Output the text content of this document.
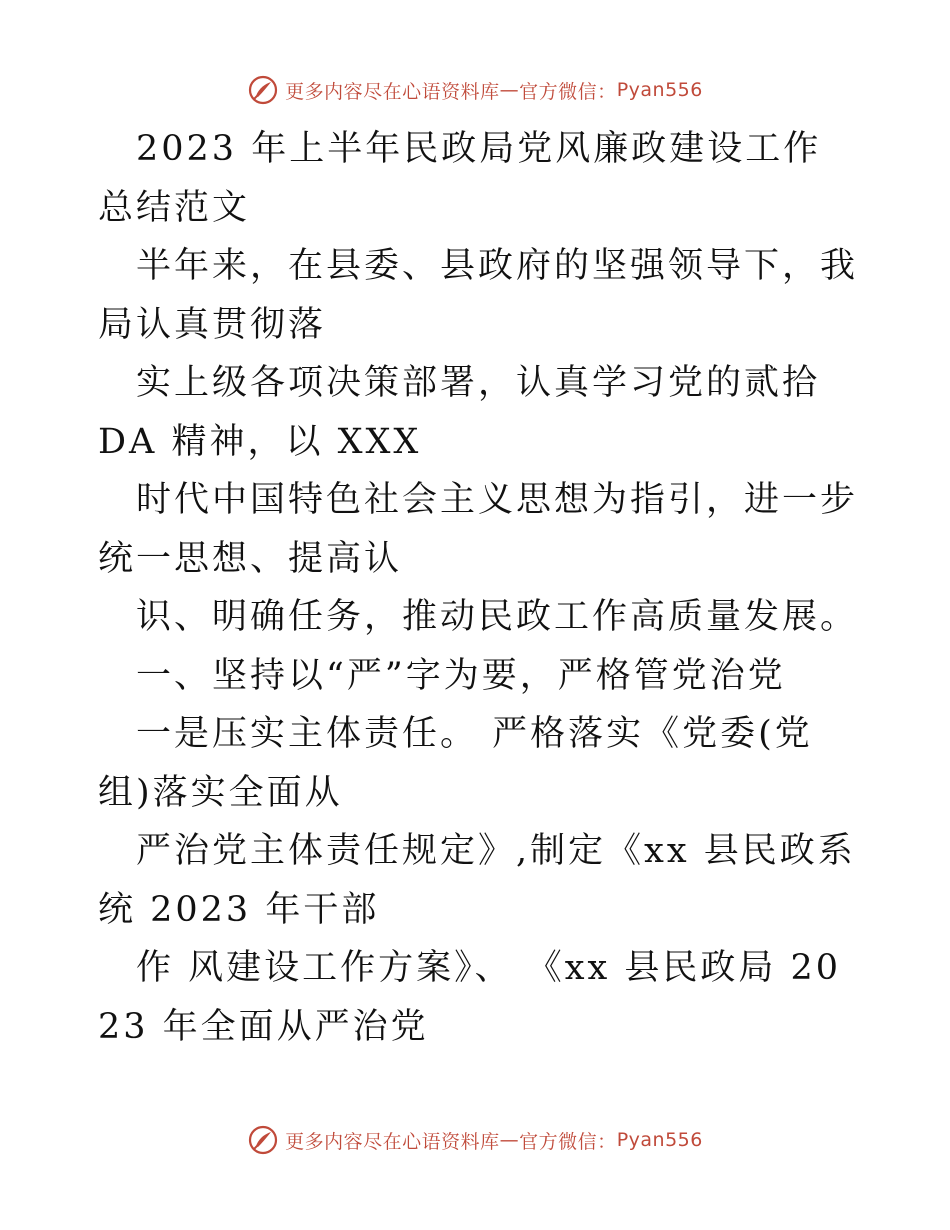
更多内容尽在心语资料库 — 官方微信： Pyan556

2023 年上半年民政局党风廉政建设工作总结范文

半年来，在县委、县政府的坚强领导下，我局认真贯彻落

实上级各项决策部署，认真学习党的贰拾 DA 精神，以 XXX

时代中国特色社会主义思想为指引，进一步统一思想、提高认

识、明确任务，推动民政工作高质量发展。

一、坚持以“严”字为要，严格管党治党

一是压实主体责任。 严格落实《党委(党组)落实全面从

严治党主体责任规定》,制定《xx 县民政系统 2023 年干部

作 风建设工作方案》、 《xx 县民政局 2023 年全面从严治党

更多内容尽在心语资料库 — 官方微信： Pyan556
